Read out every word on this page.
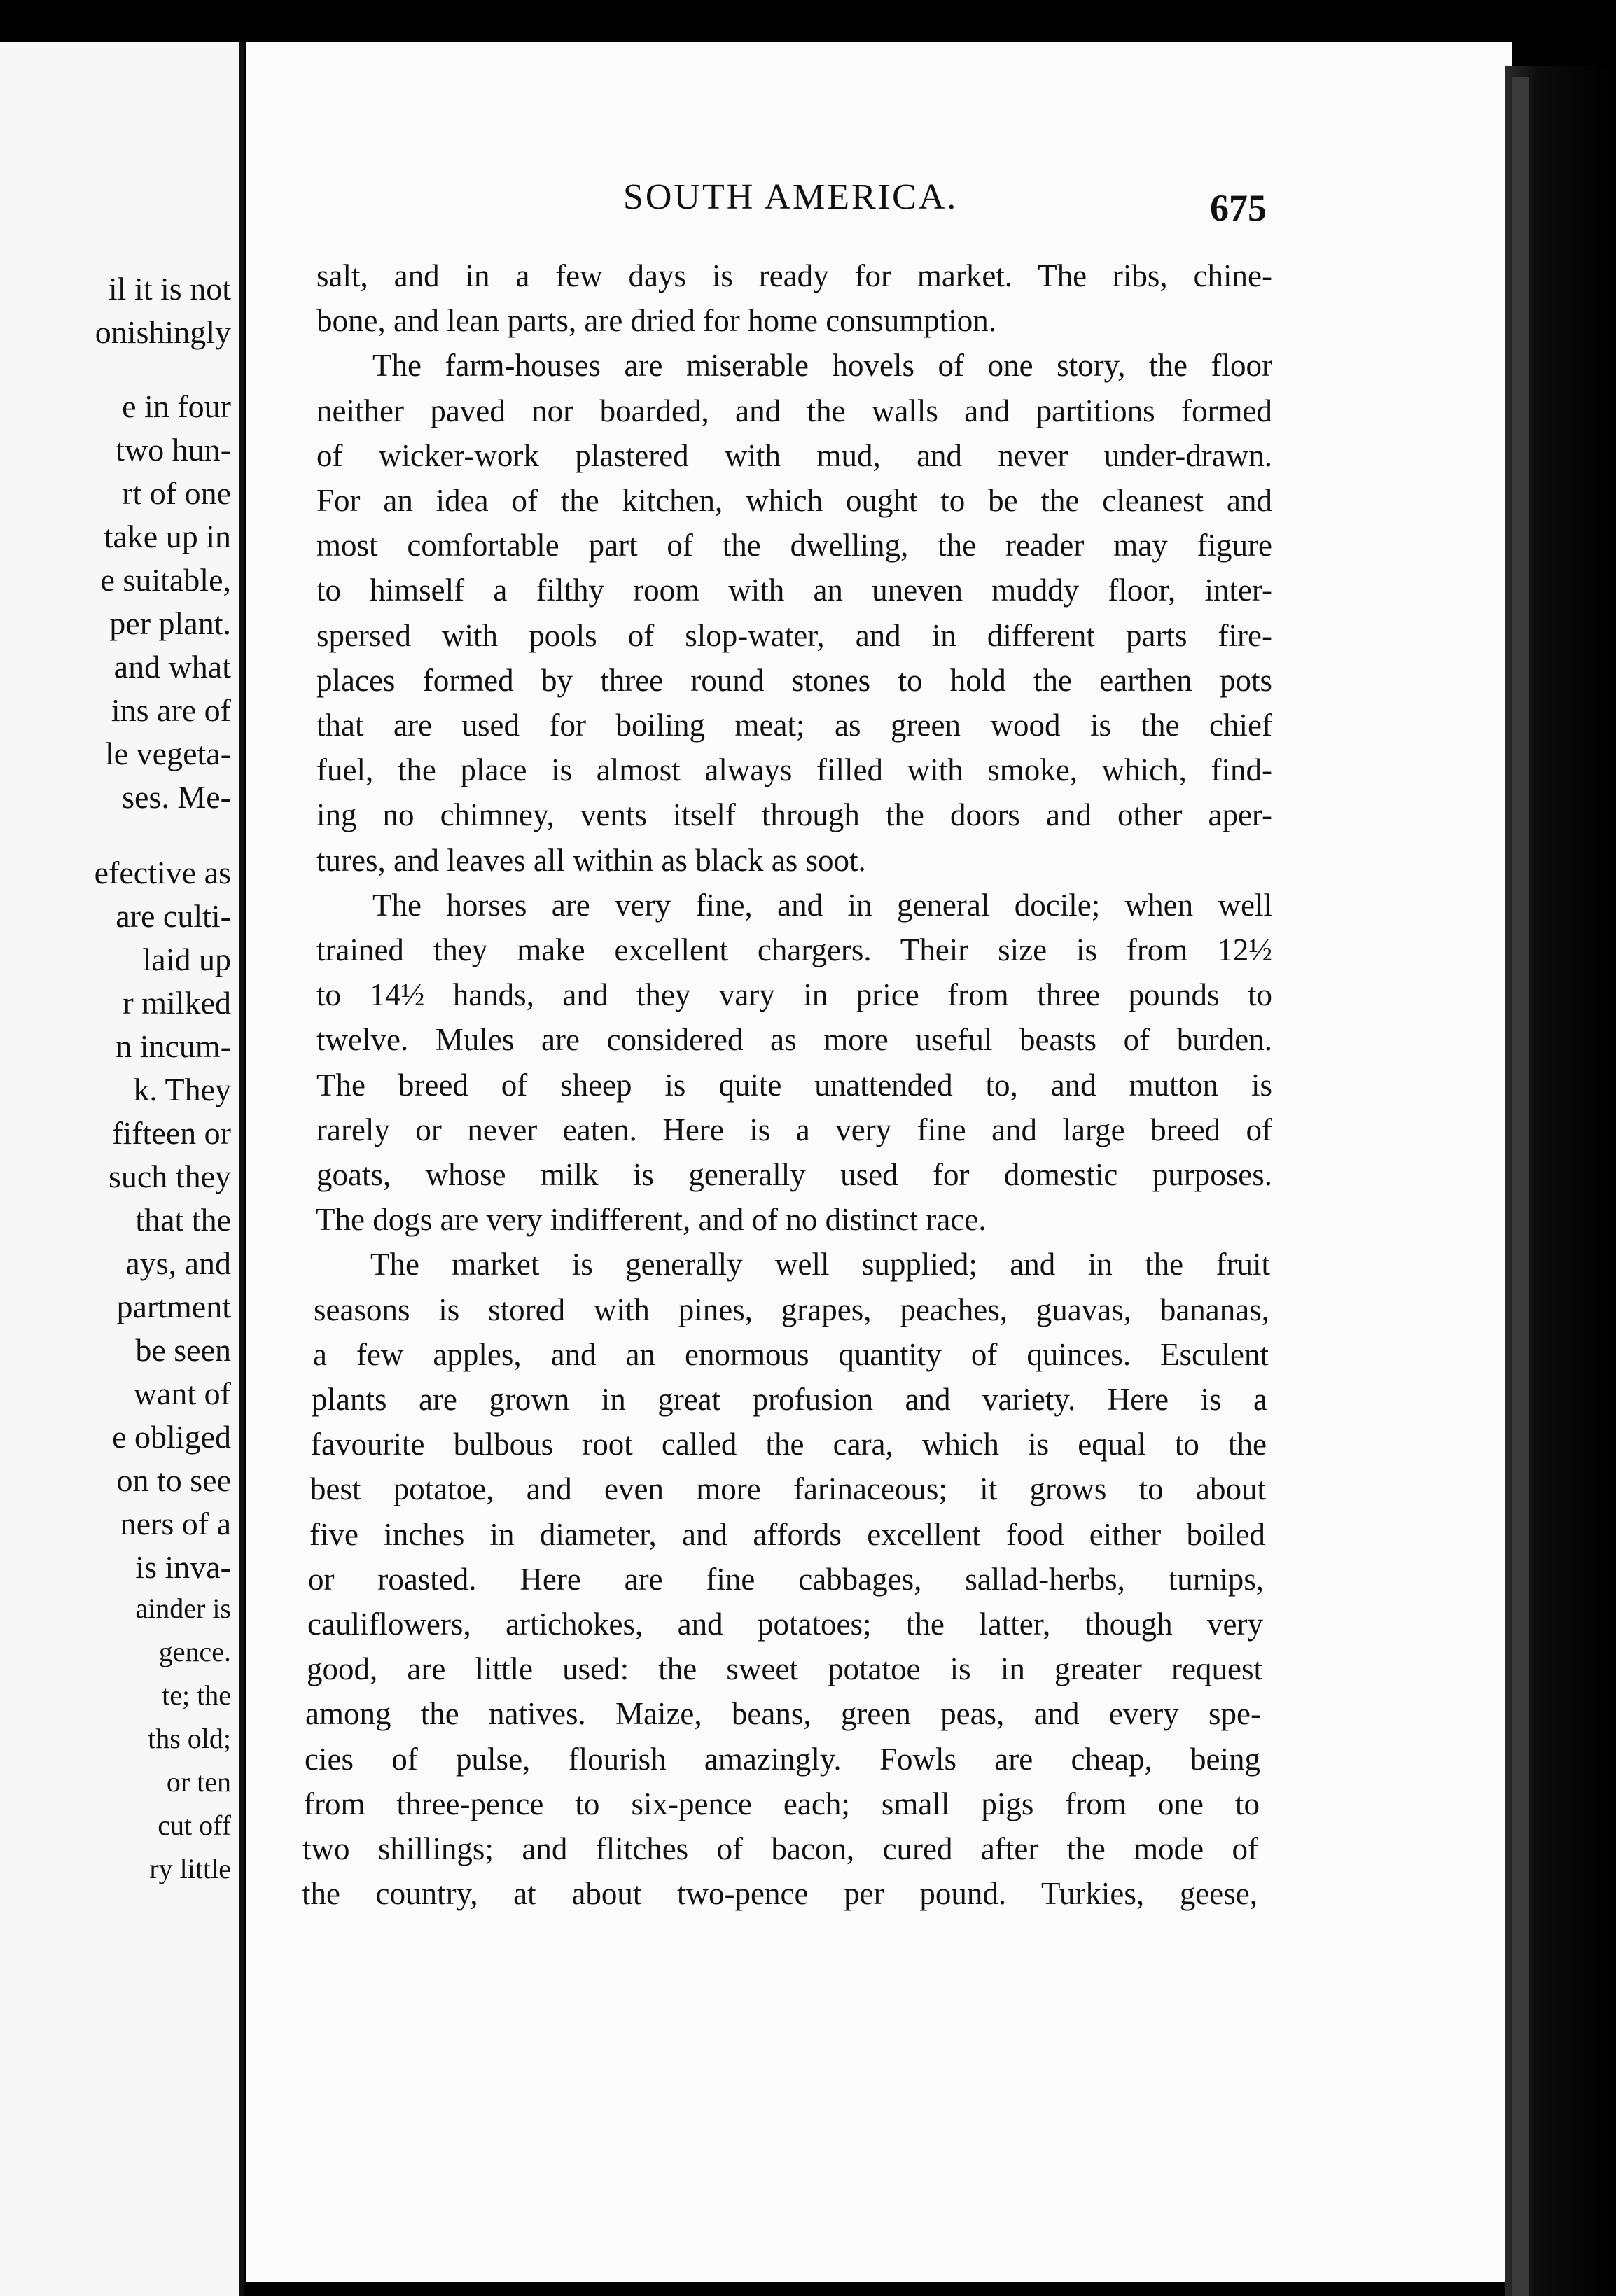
il it is not
onishingly
e in four
two hun-
rt of one
take up in
e suitable,
per plant.
and what
ins are of
le vegeta-
ses. Me-
efective as
are culti-
laid up
r milked
n incum-
k. They
fifteen or
such they
that the
ays, and
partment
be seen
want of
e obliged
on to see
ners of a
is inva-
ainder is
gence.
te; the
ths old;
or ten
cut off
ry little
SOUTH AMERICA.	675
salt, and in a few days is ready for market. The ribs, chine-
bone, and lean parts, are dried for home consumption.
The farm-houses are miserable hovels of one story, the floor
neither paved nor boarded, and the walls and partitions formed
of wicker-work plastered with mud, and never under-drawn.
For an idea of the kitchen, which ought to be the cleanest and
most comfortable part of the dwelling, the reader may figure
to himself a filthy room with an uneven muddy floor, inter-
spersed with pools of slop-water, and in different parts fire-
places formed by three round stones to hold the earthen pots
that are used for boiling meat; as green wood is the chief
fuel, the place is almost always filled with smoke, which, find-
ing no chimney, vents itself through the doors and other aper-
tures, and leaves all within as black as soot.
The horses are very fine, and in general docile; when well
trained they make excellent chargers. Their size is from 12½
to 14½ hands, and they vary in price from three pounds to
twelve. Mules are considered as more useful beasts of burden.
The breed of sheep is quite unattended to, and mutton is
rarely or never eaten. Here is a very fine and large breed of
goats, whose milk is generally used for domestic purposes.
The dogs are very indifferent, and of no distinct race.
The market is generally well supplied; and in the fruit
seasons is stored with pines, grapes, peaches, guavas, bananas,
a few apples, and an enormous quantity of quinces. Esculent
plants are grown in great profusion and variety. Here is a
favourite bulbous root called the cara, which is equal to the
best potatoe, and even more farinaceous; it grows to about
five inches in diameter, and affords excellent food either boiled
or roasted. Here are fine cabbages, sallad-herbs, turnips,
cauliflowers, artichokes, and potatoes; the latter, though very
good, are little used: the sweet potatoe is in greater request
among the natives. Maize, beans, green peas, and every spe-
cies of pulse, flourish amazingly. Fowls are cheap, being
from three-pence to six-pence each; small pigs from one to
two shillings; and flitches of bacon, cured after the mode of
the country, at about two-pence per pound. Turkies, geese,
